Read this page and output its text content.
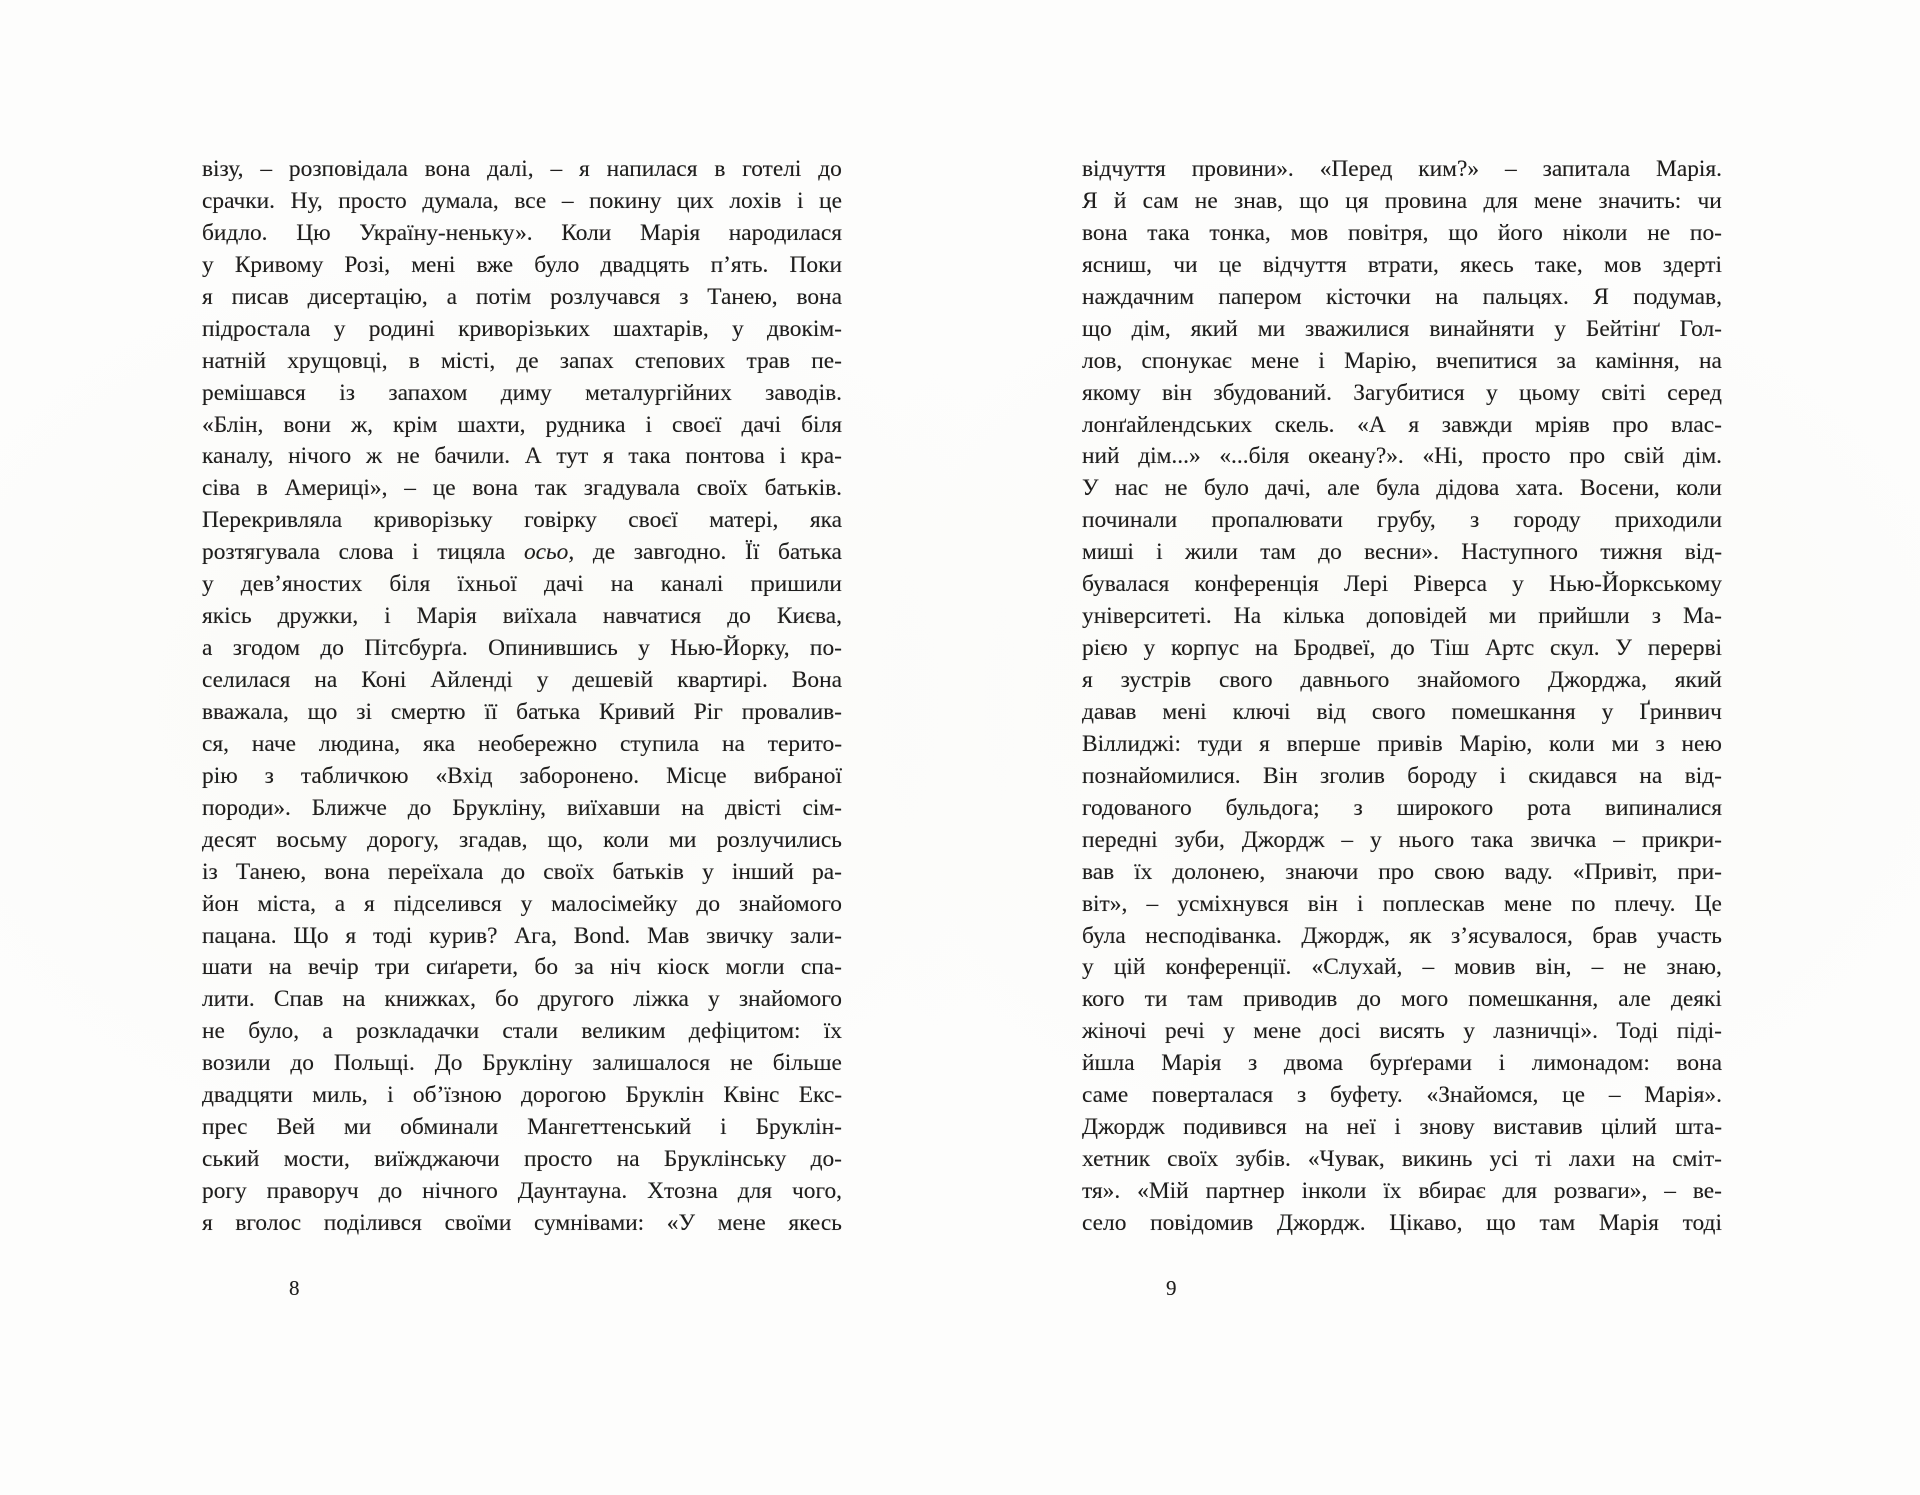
візу, – розповідала вона далі, – я напилася в готелі до
срачки. Ну, просто думала, все – покину цих лохів і це
бидло. Цю Україну-неньку». Коли Марія народилася
у Кривому Розі, мені вже було двадцять п’ять. Поки
я писав дисертацію, а потім розлучався з Танею, вона
підростала у родині криворізьких шахтарів, у двокім-
натній хрущовці, в місті, де запах степових трав пе-
ремішався із запахом диму металургійних заводів.
«Блін, вони ж, крім шахти, рудника і своєї дачі біля
каналу, нічого ж не бачили. А тут я така понтова і кра-
сіва в Америці», – це вона так згадувала своїх батьків.
Перекривляла криворізьку говірку своєї матері, яка
розтягувала слова і тицяла осьо, де завгодно. Її батька
у дев’яностих біля їхньої дачі на каналі пришили
якісь дружки, і Марія виїхала навчатися до Києва,
а згодом до Пітсбурґа. Опинившись у Нью-Йорку, по-
селилася на Коні Айленді у дешевій квартирі. Вона
вважала, що зі смертю її батька Кривий Ріг провалив-
ся, наче людина, яка необережно ступила на терито-
рію з табличкою «Вхід заборонено. Місце вибраної
породи». Ближче до Брукліну, виїхавши на двісті сім-
десят восьму дорогу, згадав, що, коли ми розлучились
із Танею, вона переїхала до своїх батьків у інший ра-
йон міста, а я підселився у малосімейку до знайомого
пацана. Що я тоді курив? Ага, Bond. Мав звичку зали-
шати на вечір три сиґарети, бо за ніч кіоск могли спа-
лити. Спав на книжках, бо другого ліжка у знайомого
не було, а розкладачки стали великим дефіцитом: їх
возили до Польщі. До Брукліну залишалося не більше
двадцяти миль, і об’їзною дорогою Бруклін Квінс Екс-
прес Вей ми обминали Мангеттенський і Бруклін-
ський мости, виїжджаючи просто на Бруклінську до-
рогу праворуч до нічного Даунтауна. Хтозна для чого,
я вголос поділився своїми сумнівами: «У мене якесь
8
відчуття провини». «Перед ким?» – запитала Марія.
Я й сам не знав, що ця провина для мене значить: чи
вона така тонка, мов повітря, що його ніколи не по-
ясниш, чи це відчуття втрати, якесь таке, мов здерті
наждачним папером кісточки на пальцях. Я подумав,
що дім, який ми зважилися винайняти у Бейтінґ Гол-
лов, спонукає мене і Марію, вчепитися за каміння, на
якому він збудований. Загубитися у цьому світі серед
лонґайлендських скель. «А я завжди мріяв про влас-
ний дім...» «...біля океану?». «Ні, просто про свій дім.
У нас не було дачі, але була дідова хата. Восени, коли
починали пропалювати грубу, з городу приходили
миші і жили там до весни». Наступного тижня від-
бувалася конференція Лері Ріверса у Нью-Йоркському
університеті. На кілька доповідей ми прийшли з Ма-
рією у корпус на Бродвеї, до Тіш Артс скул. У перерві
я зустрів свого давнього знайомого Джорджа, який
давав мені ключі від свого помешкання у Ґринвич
Віллиджі: туди я вперше привів Марію, коли ми з нею
познайомилися. Він зголив бороду і скидався на від-
годованого бульдога; з широкого рота випиналися
передні зуби, Джордж – у нього така звичка – прикри-
вав їх долонею, знаючи про свою ваду. «Привіт, при-
віт», – усміхнувся він і поплескав мене по плечу. Це
була несподіванка. Джордж, як з’ясувалося, брав участь
у цій конференції. «Слухай, – мовив він, – не знаю,
кого ти там приводив до мого помешкання, але деякі
жіночі речі у мене досі висять у лазничці». Тоді піді-
йшла Марія з двома бурґерами і лимонадом: вона
саме поверталася з буфету. «Знайомся, це – Марія».
Джордж подивився на неї і знову виставив цілий шта-
хетник своїх зубів. «Чувак, викинь усі ті лахи на сміт-
тя». «Мій партнер інколи їх вбирає для розваги», – ве-
село повідомив Джордж. Цікаво, що там Марія тоді
9
